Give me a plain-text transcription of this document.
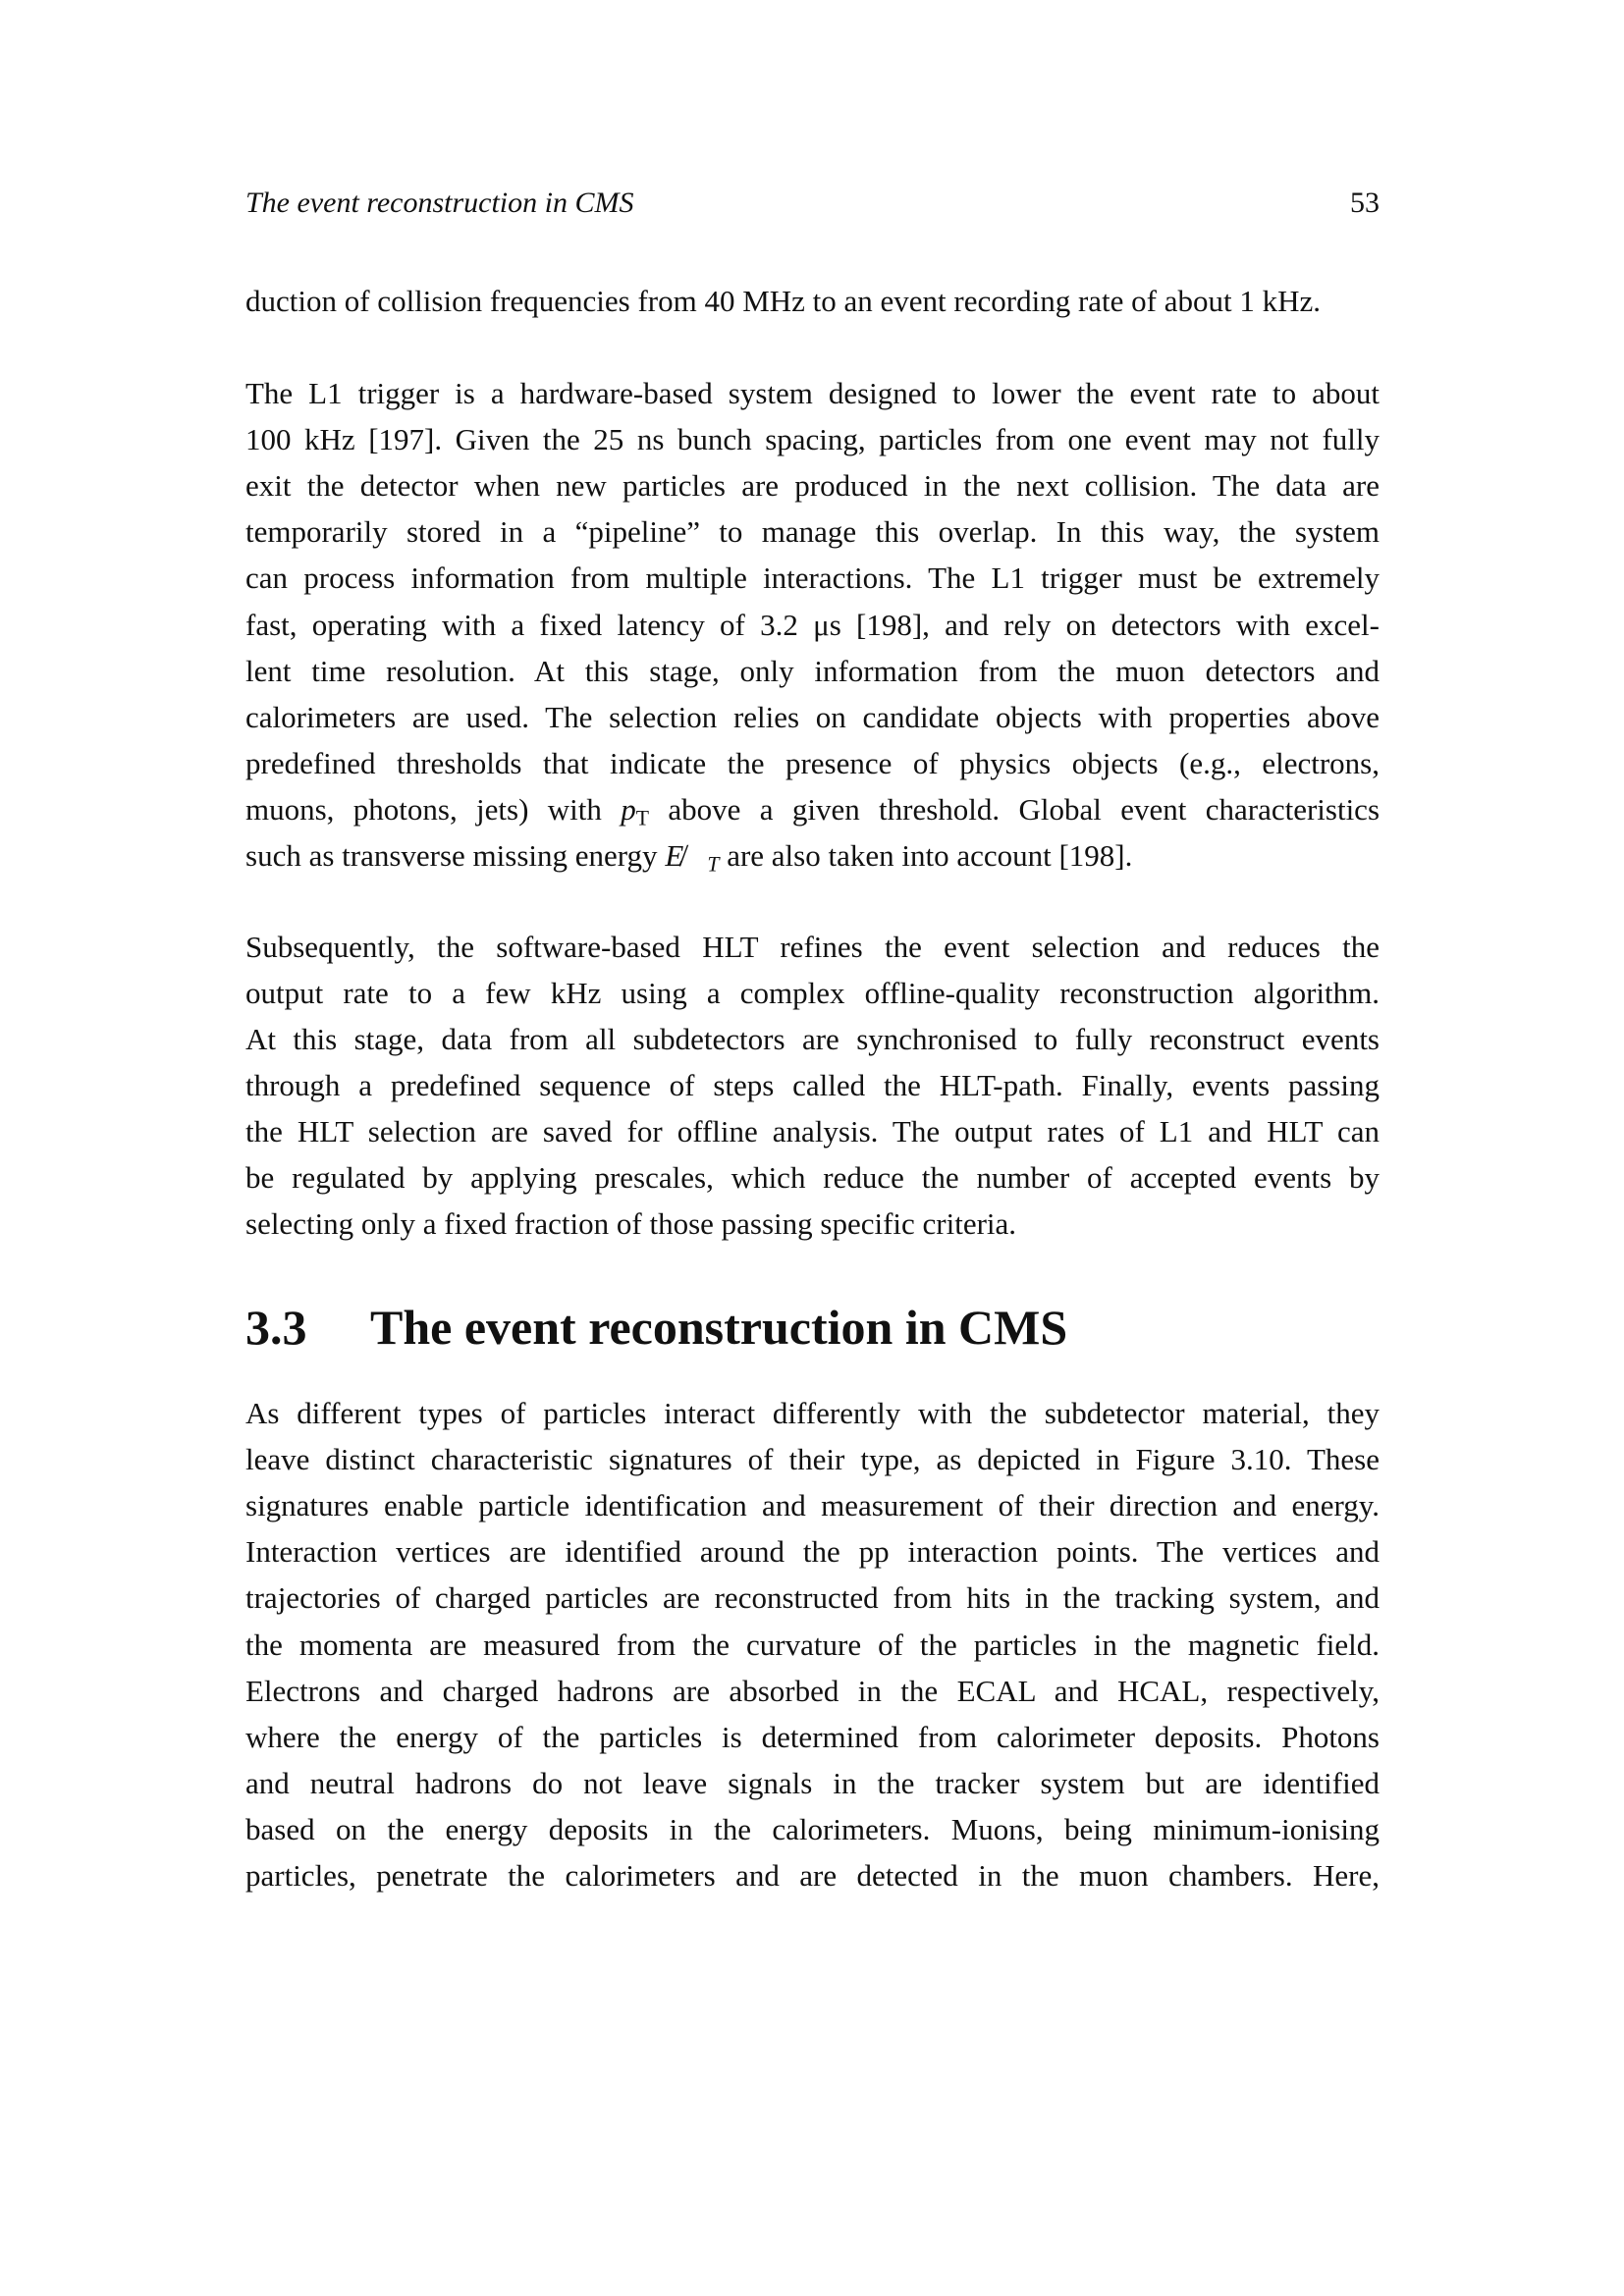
The event reconstruction in CMS	53
duction of collision frequencies from 40 MHz to an event recording rate of about 1 kHz.
The L1 trigger is a hardware-based system designed to lower the event rate to about
100 kHz [197]. Given the 25 ns bunch spacing, particles from one event may not fully
exit the detector when new particles are produced in the next collision. The data are
temporarily stored in a “pipeline” to manage this overlap. In this way, the system
can process information from multiple interactions. The L1 trigger must be extremely
fast, operating with a fixed latency of 3.2 μs [198], and rely on detectors with excel-
lent time resolution. At this stage, only information from the muon detectors and
calorimeters are used. The selection relies on candidate objects with properties above
predefined thresholds that indicate the presence of physics objects (e.g., electrons,
muons, photons, jets) with $p_T$ above a given threshold. Global event characteristics
such as transverse missing energy $E̸⃗_T$ are also taken into account [198].
Subsequently, the software-based HLT refines the event selection and reduces the
output rate to a few kHz using a complex offline-quality reconstruction algorithm.
At this stage, data from all subdetectors are synchronised to fully reconstruct events
through a predefined sequence of steps called the HLT-path. Finally, events passing
the HLT selection are saved for offline analysis. The output rates of L1 and HLT can
be regulated by applying prescales, which reduce the number of accepted events by
selecting only a fixed fraction of those passing specific criteria.
3.3 The event reconstruction in CMS
As different types of particles interact differently with the subdetector material, they
leave distinct characteristic signatures of their type, as depicted in Figure 3.10. These
signatures enable particle identification and measurement of their direction and energy.
Interaction vertices are identified around the pp interaction points. The vertices and
trajectories of charged particles are reconstructed from hits in the tracking system, and
the momenta are measured from the curvature of the particles in the magnetic field.
Electrons and charged hadrons are absorbed in the ECAL and HCAL, respectively,
where the energy of the particles is determined from calorimeter deposits. Photons
and neutral hadrons do not leave signals in the tracker system but are identified
based on the energy deposits in the calorimeters. Muons, being minimum-ionising
particles, penetrate the calorimeters and are detected in the muon chambers. Here,
